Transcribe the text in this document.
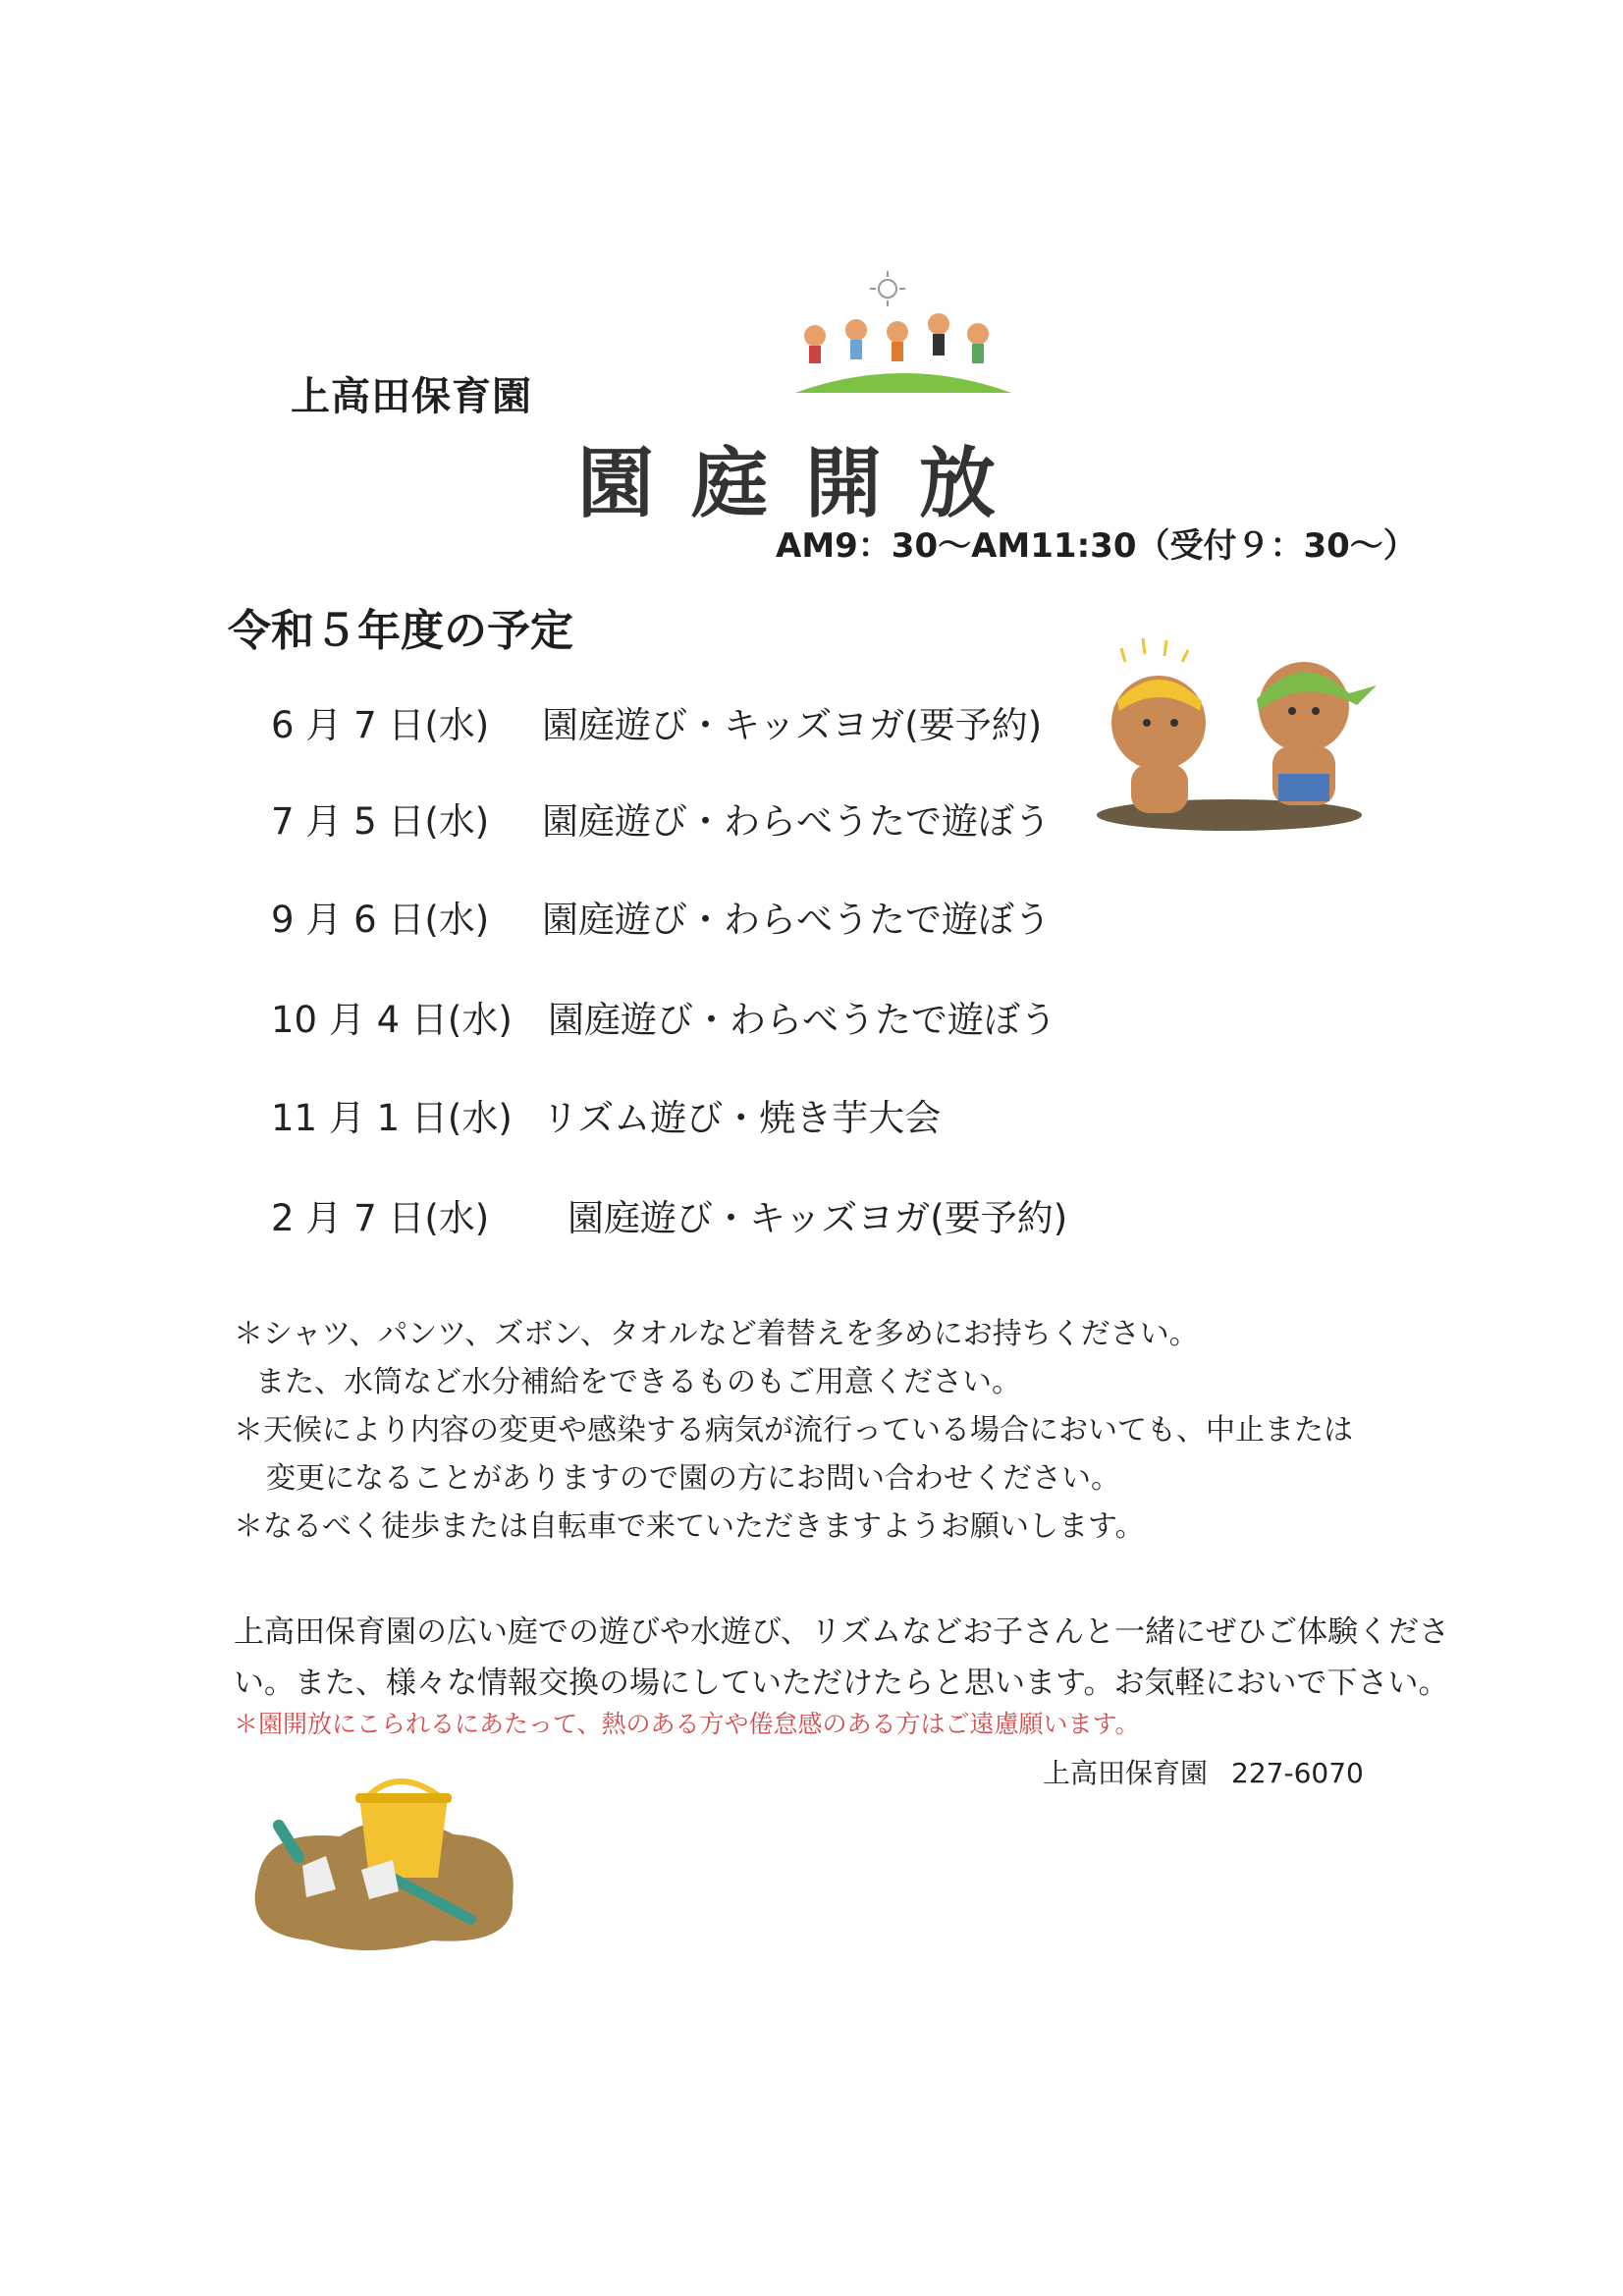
上高田保育園
園庭開放
AM9：30〜AM11:30（受付９：30〜）
令和５年度の予定
6 月 7 日(水) 園庭遊び・キッズヨガ(要予約)
7 月 5 日(水) 園庭遊び・わらべうたで遊ぼう
9 月 6 日(水) 園庭遊び・わらべうたで遊ぼう
10 月 4 日(水) 園庭遊び・わらべうたで遊ぼう
11 月 1 日(水) リズム遊び・焼き芋大会
2 月 7 日(水) 園庭遊び・キッズヨガ(要予約)

＊シャツ、パンツ、ズボン、タオルなど着替えを多めにお持ちください。

また、水筒など水分補給をできるものもご用意ください。

＊天候により内容の変更や感染する病気が流行っている場合においても、中止または

変更になることがありますので園の方にお問い合わせください。

＊なるべく徒歩または自転車で来ていただきますようお願いします。

上高田保育園の広い庭での遊びや水遊び、リズムなどお子さんと一緒にぜひご体験ください。また、様々な情報交換の場にしていただけたらと思います。お気軽においで下さい。
＊園開放にこられるにあたって、熱のある方や倦怠感のある方はご遠慮願います。
上高田保育園 227-6070
